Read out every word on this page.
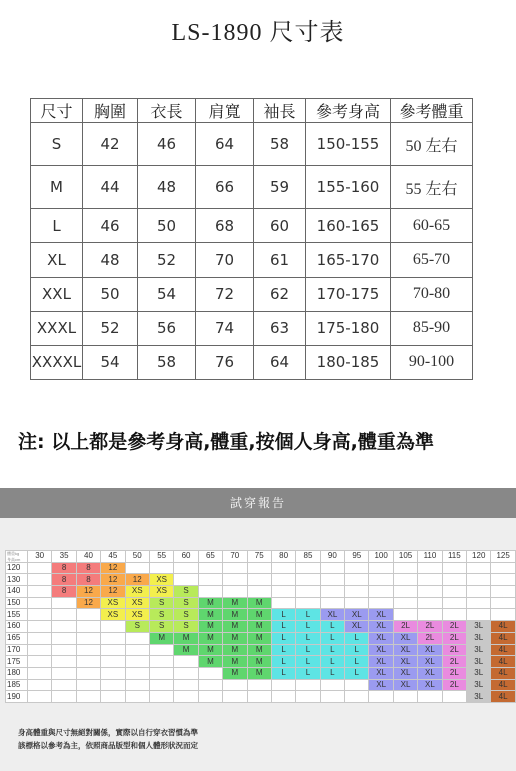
LS-1890 尺寸表
尺寸	胸圍	衣長	肩寬	袖長	參考身高	參考體重
S	42	46	64	58	150-155	50 左右
M	44	48	66	59	155-160	55 左右
L	46	50	68	60	160-165	60-65
XL	48	52	70	61	165-170	65-70
XXL	50	54	72	62	170-175	70-80
XXXL	52	56	74	63	175-180	85-90
XXXXL	54	58	76	64	180-185	90-100
注: 以上都是參考身高,體重,按個人身高,體重為準
試穿報告
體重kg
身高cm	30	35	40	45	50	55	60	65	70	75	80	85	90	95	100	105	110	115	120	125
120		8	8	12																
130		8	8	12	12	XS														
140		8	12	12	XS	XS	S													
150			12	XS	XS	S	S	M	M	M										
155				XS	XS	S	S	M	M	M	L	L	XL	XL	XL					
160					S	S	S	M	M	M	L	L	L	XL	XL	2L	2L	2L	3L	4L
165						M	M	M	M	M	L	L	L	L	XL	XL	2L	2L	3L	4L
170							M	M	M	M	L	L	L	L	XL	XL	XL	2L	3L	4L
175								M	M	M	L	L	L	L	XL	XL	XL	2L	3L	4L
180									M	M	L	L	L	L	XL	XL	XL	2L	3L	4L
185															XL	XL	XL	2L	3L	4L
190																			3L	4L
身高體重與尺寸無絕對關係，實際以自行穿衣習慣為準
該標格以參考為主，依照商品版型和個人體形狀況而定
